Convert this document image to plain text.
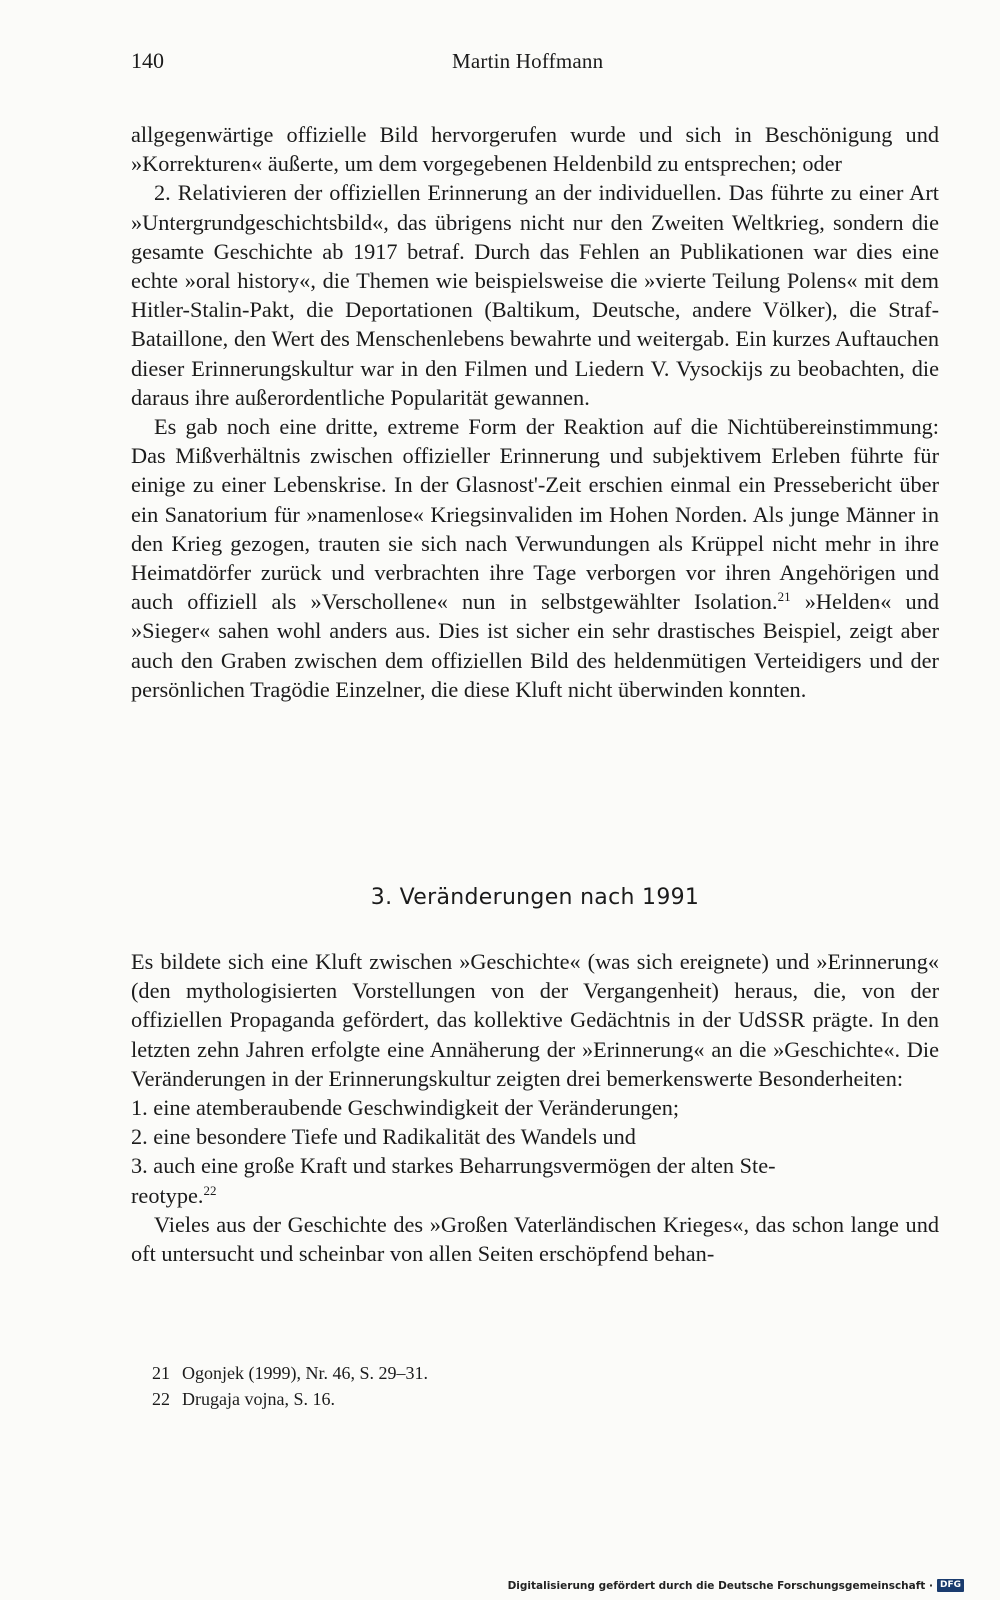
140	Martin Hoffmann

allgegenwärtige offizielle Bild hervorgerufen wurde und sich in Beschönigung und »Korrekturen« äußerte, um dem vorgegebenen Heldenbild zu entsprechen; oder

2. Relativieren der offiziellen Erinnerung an der individuellen. Das führte zu einer Art »Untergrundgeschichtsbild«, das übrigens nicht nur den Zweiten Weltkrieg, sondern die gesamte Geschichte ab 1917 betraf. Durch das Fehlen an Publikationen war dies eine echte »oral history«, die Themen wie beispielsweise die »vierte Teilung Polens« mit dem Hitler-Stalin-Pakt, die Deportationen (Baltikum, Deutsche, andere Völker), die Straf-Bataillone, den Wert des Menschenlebens bewahrte und weitergab. Ein kurzes Auftauchen dieser Erinnerungskultur war in den Filmen und Liedern V. Vysockijs zu beobachten, die daraus ihre außerordentliche Popularität gewannen.

Es gab noch eine dritte, extreme Form der Reaktion auf die Nichtübereinstimmung: Das Mißverhältnis zwischen offizieller Erinnerung und subjektivem Erleben führte für einige zu einer Lebenskrise. In der Glasnost'-Zeit erschien einmal ein Pressebericht über ein Sanatorium für »namenlose« Kriegsinvaliden im Hohen Norden. Als junge Männer in den Krieg gezogen, trauten sie sich nach Verwundungen als Krüppel nicht mehr in ihre Heimatdörfer zurück und verbrachten ihre Tage verborgen vor ihren Angehörigen und auch offiziell als »Verschollene« nun in selbstgewählter Isolation.$^{21}$ »Helden« und »Sieger« sahen wohl anders aus. Dies ist sicher ein sehr drastisches Beispiel, zeigt aber auch den Graben zwischen dem offiziellen Bild des heldenmütigen Verteidigers und der persönlichen Tragödie Einzelner, die diese Kluft nicht überwinden konnten.

3. Veränderungen nach 1991

Es bildete sich eine Kluft zwischen »Geschichte« (was sich ereignete) und »Erinnerung« (den mythologisierten Vorstellungen von der Vergangenheit) heraus, die, von der offiziellen Propaganda gefördert, das kollektive Gedächtnis in der UdSSR prägte. In den letzten zehn Jahren erfolgte eine Annäherung der »Erinnerung« an die »Geschichte«. Die Veränderungen in der Erinnerungskultur zeigten drei bemerkenswerte Besonderheiten:

1. eine atemberaubende Geschwindigkeit der Veränderungen;

2. eine besondere Tiefe und Radikalität des Wandels und

3. auch eine große Kraft und starkes Beharrungsvermögen der alten Ste-

reotype.$^{22}$

Vieles aus der Geschichte des »Großen Vaterländischen Krieges«, das schon lange und oft untersucht und scheinbar von allen Seiten erschöpfend behan-

21 Ogonjek (1999), Nr. 46, S. 29–31.
22 Drugaja vojna, S. 16.
Digitalisierung gefördert durch die Deutsche Forschungsgemeinschaft · DFG
